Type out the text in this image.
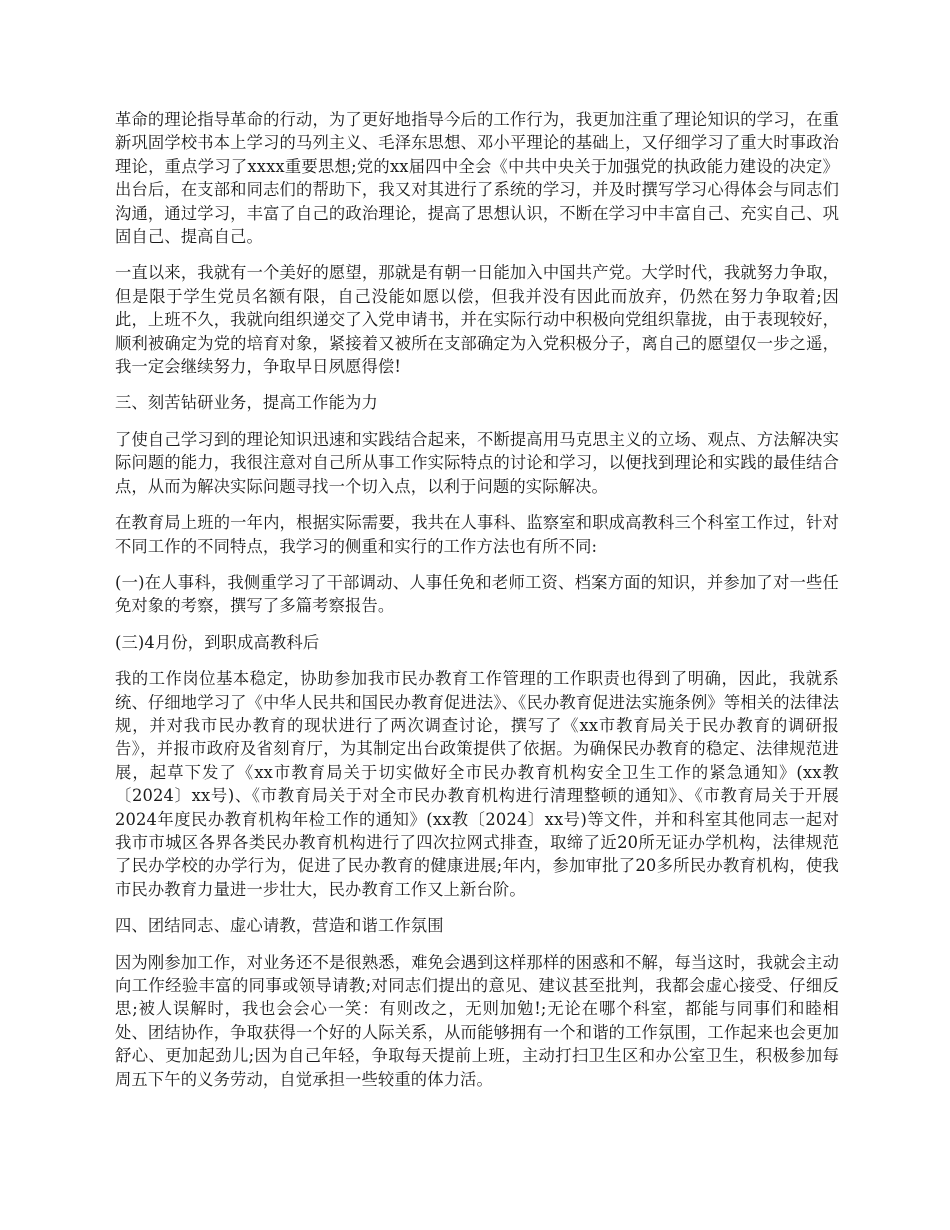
革命的理论指导革命的行动，为了更好地指导今后的工作行为，我更加注重了理论知识的学习，在重新巩固学校书本上学习的马列主义、毛泽东思想、邓小平理论的基础上，又仔细学习了重大时事政治理论，重点学习了xxxx重要思想;党的xx届四中全会《中共中央关于加强党的执政能力建设的决定》出台后，在支部和同志们的帮助下，我又对其进行了系统的学习，并及时撰写学习心得体会与同志们沟通，通过学习，丰富了自己的政治理论，提高了思想认识，不断在学习中丰富自己、充实自己、巩固自己、提高自己。

一直以来，我就有一个美好的愿望，那就是有朝一日能加入中国共产党。大学时代，我就努力争取，但是限于学生党员名额有限，自己没能如愿以偿，但我并没有因此而放弃，仍然在努力争取着;因此，上班不久，我就向组织递交了入党申请书，并在实际行动中积极向党组织靠拢，由于表现较好，顺利被确定为党的培育对象，紧接着又被所在支部确定为入党积极分子，离自己的愿望仅一步之遥，我一定会继续努力，争取早日夙愿得偿!

三、刻苦钻研业务，提高工作能为力

了使自己学习到的理论知识迅速和实践结合起来，不断提高用马克思主义的立场、观点、方法解决实际问题的能力，我很注意对自己所从事工作实际特点的讨论和学习，以便找到理论和实践的最佳结合点，从而为解决实际问题寻找一个切入点，以利于问题的实际解决。

在教育局上班的一年内，根据实际需要，我共在人事科、监察室和职成高教科三个科室工作过，针对不同工作的不同特点，我学习的侧重和实行的工作方法也有所不同:

(一)在人事科，我侧重学习了干部调动、人事任免和老师工资、档案方面的知识，并参加了对一些任免对象的考察，撰写了多篇考察报告。

(三)4月份，到职成高教科后

我的工作岗位基本稳定，协助参加我市民办教育工作管理的工作职责也得到了明确，因此，我就系统、仔细地学习了《中华人民共和国民办教育促进法》、《民办教育促进法实施条例》等相关的法律法规，并对我市民办教育的现状进行了两次调查讨论，撰写了《xx市教育局关于民办教育的调研报告》，并报市政府及省刻育厅，为其制定出台政策提供了依据。为确保民办教育的稳定、法律规范进展，起草下发了《xx市教育局关于切实做好全市民办教育机构安全卫生工作的紧急通知》(xx教〔2024〕xx号)、《市教育局关于对全市民办教育机构进行清理整顿的通知》、《市教育局关于开展2024年度民办教育机构年检工作的通知》(xx教〔2024〕xx号)等文件，并和科室其他同志一起对我市市城区各界各类民办教育机构进行了四次拉网式排查，取缔了近20所无证办学机构，法律规范了民办学校的办学行为，促进了民办教育的健康进展;年内，参加审批了20多所民办教育机构，使我市民办教育力量进一步壮大，民办教育工作又上新台阶。

四、团结同志、虚心请教，营造和谐工作氛围

因为刚参加工作，对业务还不是很熟悉，难免会遇到这样那样的困惑和不解，每当这时，我就会主动向工作经验丰富的同事或领导请教;对同志们提出的意见、建议甚至批判，我都会虚心接受、仔细反思;被人误解时，我也会会心一笑：有则改之，无则加勉!;无论在哪个科室，都能与同事们和睦相处、团结协作，争取获得一个好的人际关系，从而能够拥有一个和谐的工作氛围，工作起来也会更加舒心、更加起劲儿;因为自己年轻，争取每天提前上班，主动打扫卫生区和办公室卫生，积极参加每周五下午的义务劳动，自觉承担一些较重的体力活。
